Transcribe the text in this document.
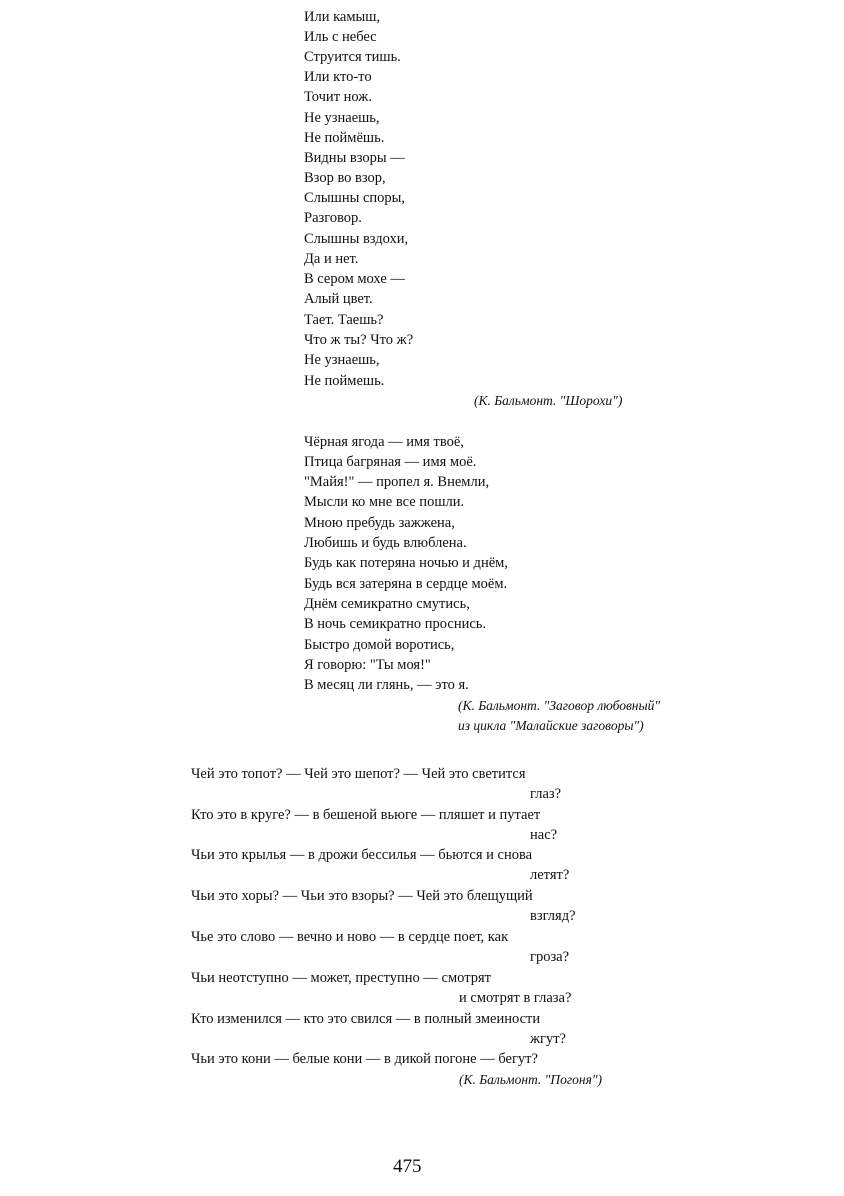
Или камыш,
Иль с небес
Струится тишь.
Или кто-то
Точит нож.
Не узнаешь,
Не поймёшь.
Видны взоры —
Взор во взор,
Слышны споры,
Разговор.
Слышны вздохи,
Да и нет.
В сером мохе —
Алый цвет.
Тает. Таешь?
Что ж ты? Что ж?
Не узнаешь,
Не поймешь.
(К. Бальмонт. "Шорохи")
Чёрная ягода — имя твоё,
Птица багряная — имя моё.
"Майя!" — пропел я. Внемли,
Мысли ко мне все пошли.
Мною пребудь зажжена,
Любишь и будь влюблена.
Будь как потеряна ночью и днём,
Будь вся затеряна в сердце моём.
Днём семикратно смутись,
В ночь семикратно проснись.
Быстро домой воротись,
Я говорю: "Ты моя!"
В месяц ли глянь, — это я.
(К. Бальмонт. "Заговор любовный"
из цикла "Малайские заговоры")
Чей это топот? — Чей это шепот? — Чей это светится
глаз?
Кто это в круге? — в бешеной вьюге — пляшет и путает
нас?
Чьи это крылья — в дрожи бессилья — бьются и снова
летят?
Чьи это хоры? — Чьи это взоры? — Чей это блещущий
взгляд?
Чье это слово — вечно и ново — в сердце поет, как
гроза?
Чьи неотступно — может, преступно — смотрят
и смотрят в глаза?
Кто изменился — кто это свился — в полный змеиности
жгут?
Чьи это кони — белые кони — в дикой погоне — бегут?
(К. Бальмонт. "Погоня")
475
